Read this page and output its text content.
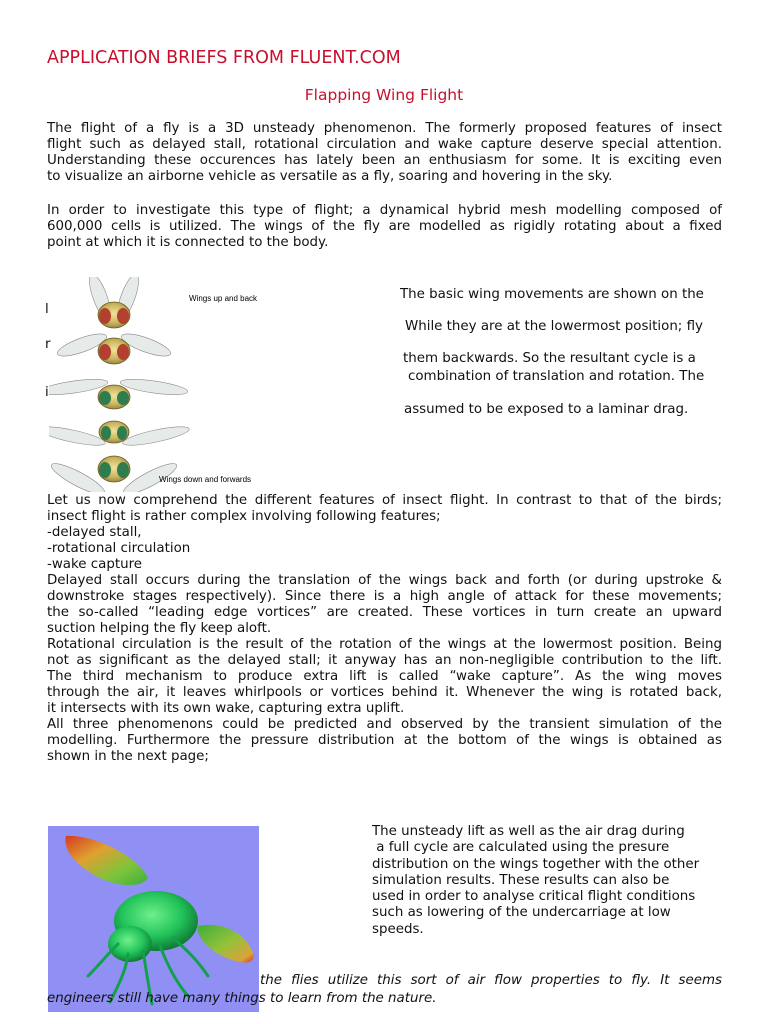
APPLICATION BRIEFS FROM FLUENT.COM
Flapping Wing Flight
The flight of a fly is a 3D unsteady phenomenon. The formerly proposed features of insect
flight such as delayed stall, rotational circulation and wake capture deserve special attention.
Understanding these occurences has lately been an enthusiasm for some. It is exciting even
to visualize an airborne vehicle as versatile as a fly, soaring and hovering in the sky.
In order to investigate this type of flight; a dynamical hybrid mesh modelling composed of
600,000 cells is utilized. The wings of the fly are modelled as rigidly rotating about a fixed
point at which it is connected to the body.
Wings up and back
Wings down and forwards
l
r
i
The basic wing movements are shown on the
While they are at the lowermost position; fly
them backwards. So the resultant cycle is a
combination of translation and rotation. The
assumed to be exposed to a laminar drag.
Let us now comprehend the different features of insect flight. In contrast to that of the birds;
insect flight is rather complex involving following features;
-delayed stall,
-rotational circulation
-wake capture
Delayed stall occurs during the translation of the wings back and forth (or during upstroke &
downstroke stages respectively). Since there is a high angle of attack for these movements;
the so-called “leading edge vortices” are created. These vortices in turn create an upward
suction helping the fly keep aloft.
Rotational circulation is the result of the rotation of the wings at the lowermost position. Being
not as significant as the delayed stall; it anyway has an non-negligible contribution to the lift.
The third mechanism to produce extra lift is called “wake capture”. As the wing moves
through the air, it leaves whirlpools or vortices behind it. Whenever the wing is rotated back,
it intersects with its own wake, capturing extra uplift.
All three phenomenons could be predicted and observed by the transient simulation of the
modelling. Furthermore the pressure distribution at the bottom of the wings is obtained as
shown in the next page;
The unsteady lift as well as the air drag during
a full cycle are calculated using the presure
distribution on the wings together with the other
simulation results. These results can also be
used in order to analyse critical flight conditions
such as lowering of the undercarriage at low
speeds.
the flies utilize this sort of air flow properties to fly. It seems
engineers still have many things to learn from the nature.
